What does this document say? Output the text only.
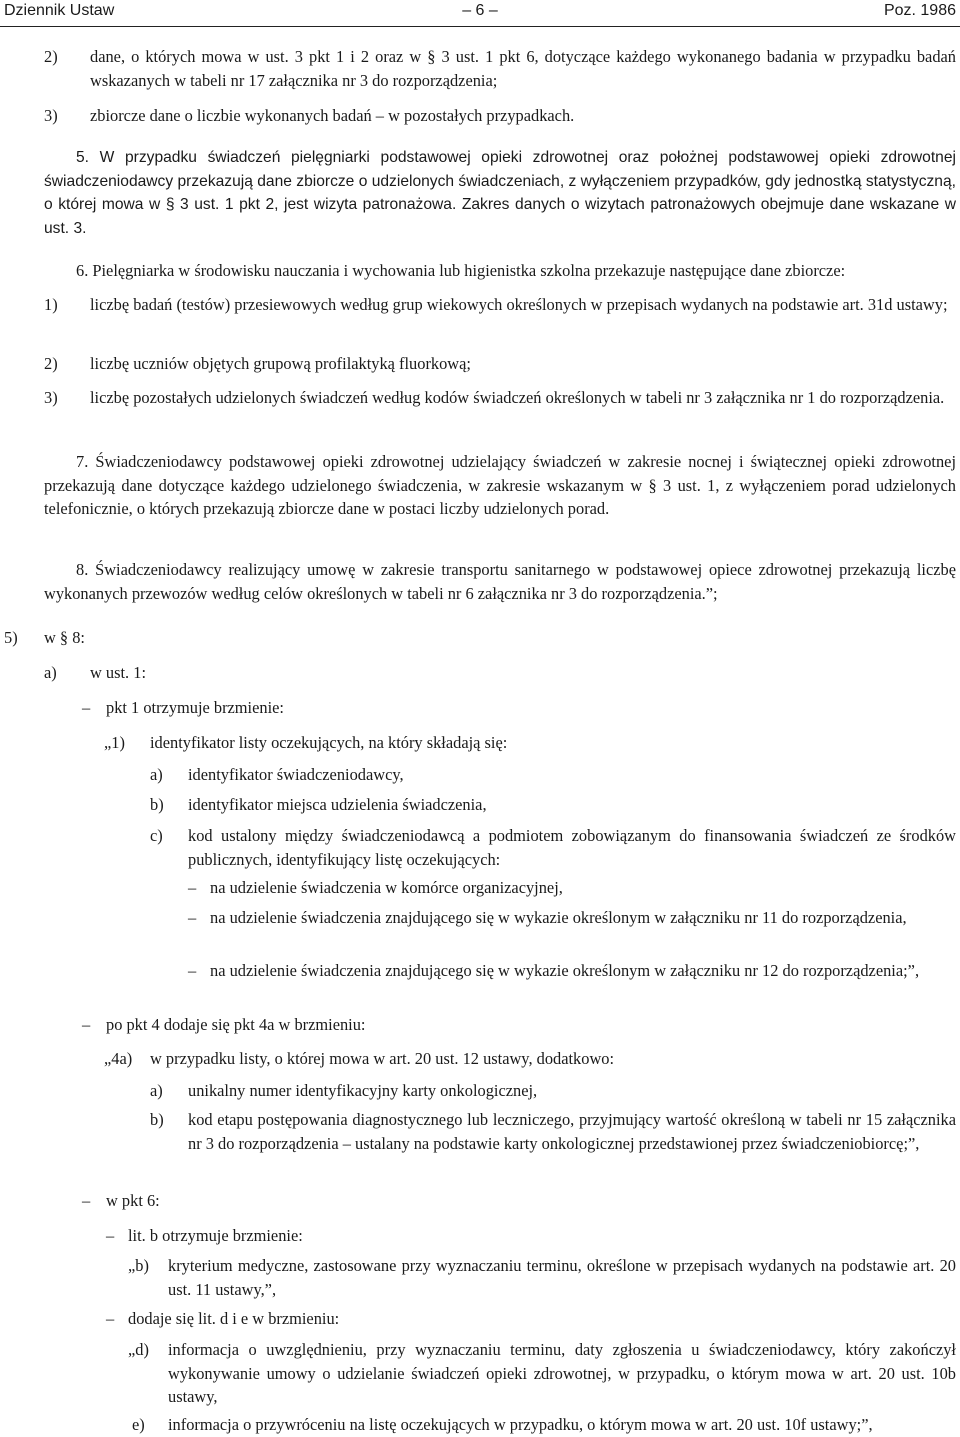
Dziennik Ustaw	– 6 –	Poz. 1986
2) dane, o których mowa w ust. 3 pkt 1 i 2 oraz w § 3 ust. 1 pkt 6, dotyczące każdego wykonanego badania w przypadku badań wskazanych w tabeli nr 17 załącznika nr 3 do rozporządzenia;
3) zbiorcze dane o liczbie wykonanych badań – w pozostałych przypadkach.
5. W przypadku świadczeń pielęgniarki podstawowej opieki zdrowotnej oraz położnej podstawowej opieki zdrowotnej świadczeniodawcy przekazują dane zbiorcze o udzielonych świadczeniach, z wyłączeniem przypadków, gdy jednostką statystyczną, o której mowa w § 3 ust. 1 pkt 2, jest wizyta patronażowa. Zakres danych o wizytach patronażowych obejmuje dane wskazane w ust. 3.
6. Pielęgniarka w środowisku nauczania i wychowania lub higienistka szkolna przekazuje następujące dane zbiorcze:
1) liczbę badań (testów) przesiewowych według grup wiekowych określonych w przepisach wydanych na podstawie art. 31d ustawy;
2) liczbę uczniów objętych grupową profilaktyką fluorkową;
3) liczbę pozostałych udzielonych świadczeń według kodów świadczeń określonych w tabeli nr 3 załącznika nr 1 do rozporządzenia.
7. Świadczeniodawcy podstawowej opieki zdrowotnej udzielający świadczeń w zakresie nocnej i świątecznej opieki zdrowotnej przekazują dane dotyczące każdego udzielonego świadczenia, w zakresie wskazanym w § 3 ust. 1, z wyłączeniem porad udzielonych telefonicznie, o których przekazują zbiorcze dane w postaci liczby udzielonych porad.
8. Świadczeniodawcy realizujący umowę w zakresie transportu sanitarnego w podstawowej opiece zdrowotnej przekazują liczbę wykonanych przewozów według celów określonych w tabeli nr 6 załącznika nr 3 do rozporządzenia.”;
5) w § 8:
a) w ust. 1:
– pkt 1 otrzymuje brzmienie:
„1) identyfikator listy oczekujących, na który składają się:
a) identyfikator świadczeniodawcy,
b) identyfikator miejsca udzielenia świadczenia,
c) kod ustalony między świadczeniodawcą a podmiotem zobowiązanym do finansowania świadczeń ze środków publicznych, identyfikujący listę oczekujących:
– na udzielenie świadczenia w komórce organizacyjnej,
– na udzielenie świadczenia znajdującego się w wykazie określonym w załączniku nr 11 do rozporządzenia,
– na udzielenie świadczenia znajdującego się w wykazie określonym w załączniku nr 12 do rozporządzenia;”,
– po pkt 4 dodaje się pkt 4a w brzmieniu:
„4a) w przypadku listy, o której mowa w art. 20 ust. 12 ustawy, dodatkowo:
a) unikalny numer identyfikacyjny karty onkologicznej,
b) kod etapu postępowania diagnostycznego lub leczniczego, przyjmujący wartość określoną w tabeli nr 15 załącznika nr 3 do rozporządzenia – ustalany na podstawie karty onkologicznej przedstawionej przez świadczeniobiorcę;”,
– w pkt 6:
– lit. b otrzymuje brzmienie:
„b) kryterium medyczne, zastosowane przy wyznaczaniu terminu, określone w przepisach wydanych na podstawie art. 20 ust. 11 ustawy,”,
– dodaje się lit. d i e w brzmieniu:
„d) informacja o uwzględnieniu, przy wyznaczaniu terminu, daty zgłoszenia u świadczeniodawcy, który zakończył wykonywanie umowy o udzielanie świadczeń opieki zdrowotnej, w przypadku, o którym mowa w art. 20 ust. 10b ustawy,
e) informacja o przywróceniu na listę oczekujących w przypadku, o którym mowa w art. 20 ust. 10f ustawy;”,
